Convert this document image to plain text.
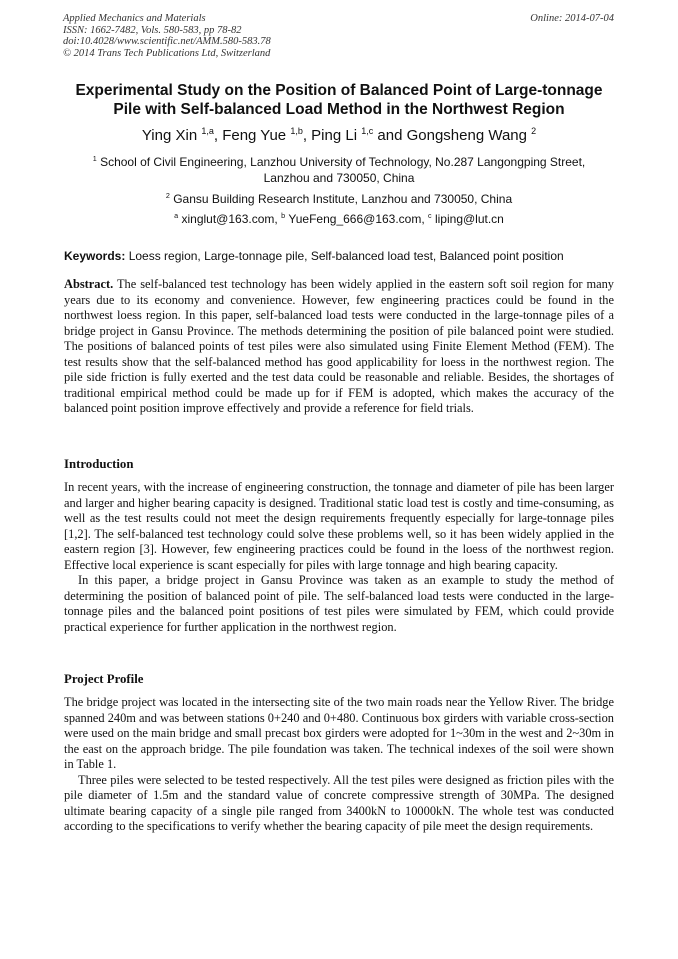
Applied Mechanics and Materials
ISSN: 1662-7482, Vols. 580-583, pp 78-82
doi:10.4028/www.scientific.net/AMM.580-583.78
© 2014 Trans Tech Publications Ltd, Switzerland
Online: 2014-07-04
Experimental Study on the Position of Balanced Point of Large-tonnage
Pile with Self-balanced Load Method in the Northwest Region
Ying Xin $^{1,a}$, Feng Yue $^{1,b}$, Ping Li $^{1,c}$ and Gongsheng Wang $^2$
$^1$ School of Civil Engineering, Lanzhou University of Technology, No.287 Langongping Street,
Lanzhou and 730050, China
$^2$ Gansu Building Research Institute, Lanzhou and 730050, China
$^a$ xinglut@163.com, $^b$ YueFeng_666@163.com, $^c$ liping@lut.cn
Keywords: Loess region, Large-tonnage pile, Self-balanced load test, Balanced point position

Abstract. The self-balanced test technology has been widely applied in the eastern soft soil region for many years due to its economy and convenience. However, few engineering practices could be found in the northwest loess region. In this paper, self-balanced load tests were conducted in the large-tonnage piles of a bridge project in Gansu Province. The methods determining the position of pile balanced point were studied. The positions of balanced points of test piles were also simulated using Finite Element Method (FEM). The test results show that the self-balanced method has good applicability for loess in the northwest region. The pile side friction is fully exerted and the test data could be reasonable and reliable. Besides, the shortages of traditional empirical method could be made up for if FEM is adopted, which makes the accuracy of the balanced point position improve effectively and provide a reference for field trials.

Introduction

In recent years, with the increase of engineering construction, the tonnage and diameter of pile has been larger and larger and higher bearing capacity is designed. Traditional static load test is costly and time-consuming, as well as the test results could not meet the design requirements frequently especially for large-tonnage piles [1,2]. The self-balanced test technology could solve these problems well, so it has been widely applied in the eastern region [3]. However, few engineering practices could be found in the loess of the northwest region. Effective local experience is scant especially for piles with large tonnage and high bearing capacity.

In this paper, a bridge project in Gansu Province was taken as an example to study the method of determining the position of balanced point of pile. The self-balanced load tests were conducted in the large-tonnage piles and the balanced point positions of test piles were simulated by FEM, which could provide practical experience for further application in the northwest region.

Project Profile

The bridge project was located in the intersecting site of the two main roads near the Yellow River. The bridge spanned 240m and was between stations 0+240 and 0+480. Continuous box girders with variable cross-section were used on the main bridge and small precast box girders were adopted for 1~30m in the west and 2~30m in the east on the approach bridge. The pile foundation was taken. The technical indexes of the soil were shown in Table 1.

Three piles were selected to be tested respectively. All the test piles were designed as friction piles with the pile diameter of 1.5m and the standard value of concrete compressive strength of 30MPa. The designed ultimate bearing capacity of a single pile ranged from 3400kN to 10000kN. The whole test was conducted according to the specifications to verify whether the bearing capacity of pile meet the design requirements.
